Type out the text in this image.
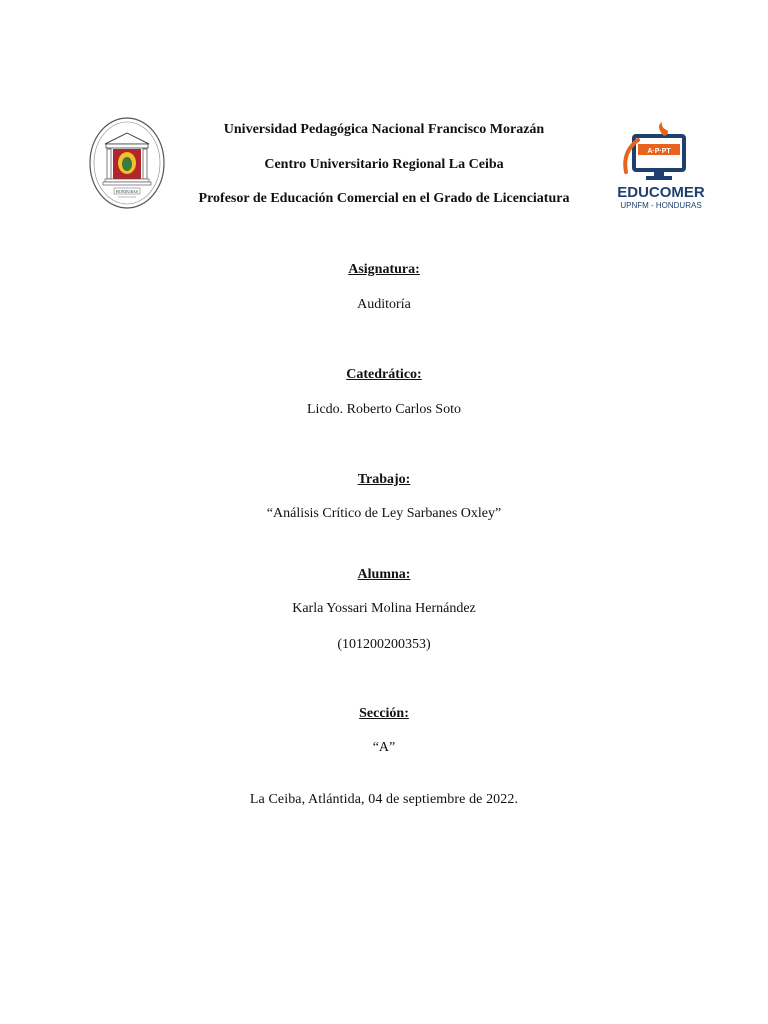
HONDURAS
A·P·PT
EDUCOMER
UPNFM - HONDURAS
Universidad Pedagógica Nacional Francisco Morazán
Centro Universitario Regional La Ceiba
Profesor de Educación Comercial en el Grado de Licenciatura
Asignatura:
Auditoría
Catedrático:
Licdo. Roberto Carlos Soto
Trabajo:
“Análisis Crítico de Ley Sarbanes Oxley”
Alumna:
Karla Yossari Molina Hernández
(101200200353)
Sección:
“A”
La Ceiba, Atlántida, 04 de septiembre de 2022.
